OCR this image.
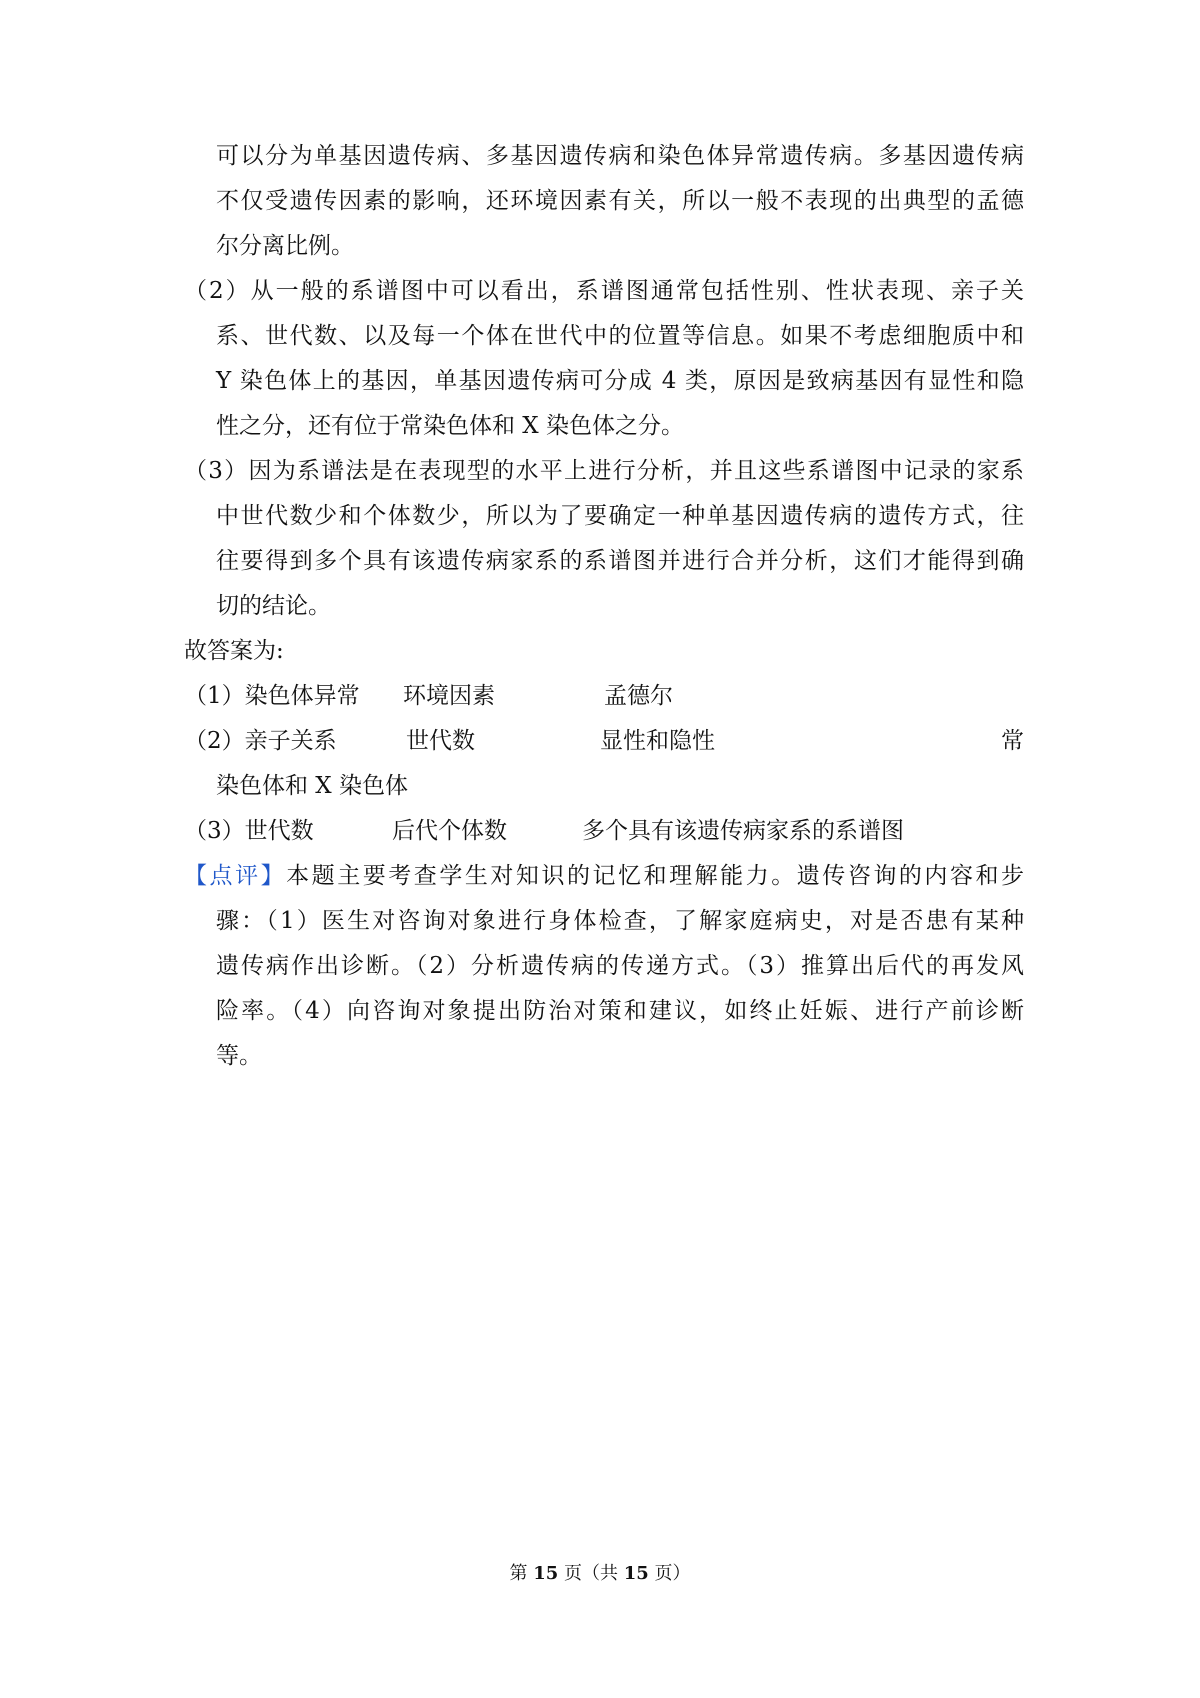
可以分为单基因遗传病、多基因遗传病和染色体异常遗传病。多基因遗传病
不仅受遗传因素的影响，还环境因素有关，所以一般不表现的出典型的孟德
尔分离比例。
（2）从一般的系谱图中可以看出，系谱图通常包括性别、性状表现、亲子关
系、世代数、以及每一个体在世代中的位置等信息。如果不考虑细胞质中和
Y 染色体上的基因，单基因遗传病可分成 4 类，原因是致病基因有显性和隐
性之分，还有位于常染色体和 X 染色体之分。
（3）因为系谱法是在表现型的水平上进行分析，并且这些系谱图中记录的家系
中世代数少和个体数少，所以为了要确定一种单基因遗传病的遗传方式，往
往要得到多个具有该遗传病家系的系谱图并进行合并分析，这们才能得到确
切的结论。
故答案为:
（1）染色体异常 环境因素	孟德尔
（2）亲子关系	世代数	显性和隐性	常
染色体和 X 染色体
（3）世代数	后代个体数	多个具有该遗传病家系的系谱图
【点评】本题主要考查学生对知识的记忆和理解能力。遗传咨询的内容和步
骤：（1）医生对咨询对象进行身体检查，了解家庭病史，对是否患有某种
遗传病作出诊断。（2）分析遗传病的传递方式。（3）推算出后代的再发风
险率。（4）向咨询对象提出防治对策和建议，如终止妊娠、进行产前诊断
等。
第 15 页（共 15 页）
